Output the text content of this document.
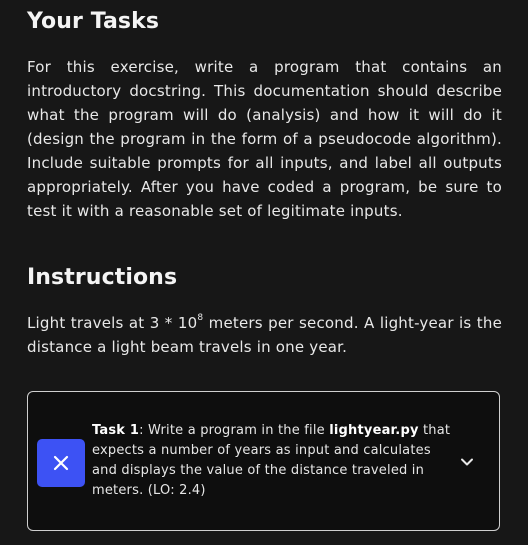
Your Tasks

For this exercise, write a program that contains an introductory docstring. This documentation should describe what the program will do (analysis) and how it will do it (design the program in the form of a pseudocode algorithm). Include suitable prompts for all inputs, and label all outputs appropriately. After you have coded a program, be sure to test it with a reasonable set of legitimate inputs.

Instructions

Light travels at $3 * 10^8$ meters per second. A light-year is the distance a light beam travels in one year.

Task 1: Write a program in the file lightyear.py that expects a number of years as input and calculates and displays the value of the distance traveled in meters. (LO: 2.4)
